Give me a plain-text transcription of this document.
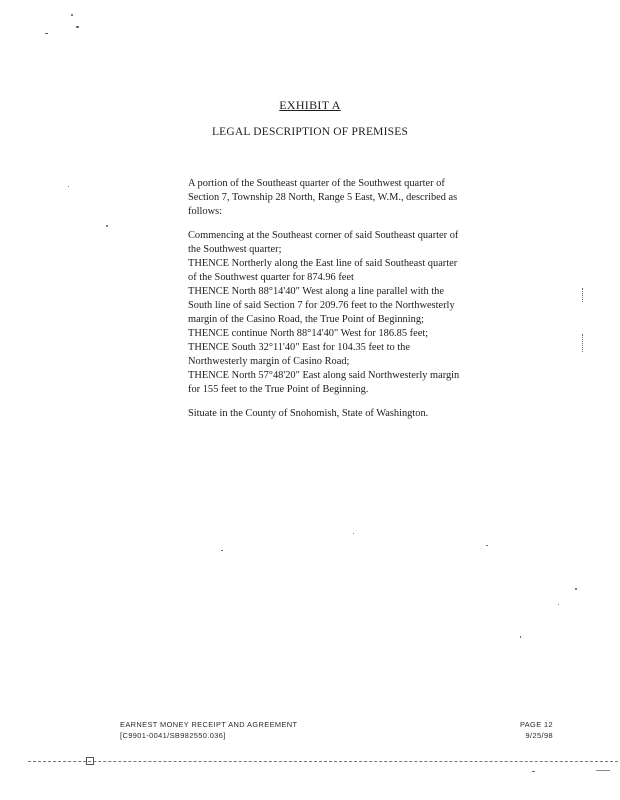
EXHIBIT A
LEGAL DESCRIPTION OF PREMISES

A portion of the Southeast quarter of the Southwest quarter of
Section 7, Township 28 North, Range 5 East, W.M., described as
follows:

Commencing at the Southeast corner of said Southeast quarter of
the Southwest quarter;
THENCE Northerly along the East line of said Southeast quarter
of the Southwest quarter for 874.96 feet
THENCE North 88°14'40" West along a line parallel with the
South line of said Section 7 for 209.76 feet to the Northwesterly
margin of the Casino Road, the True Point of Beginning;
THENCE continue North 88°14'40" West for 186.85 feet;
THENCE South 32°11'40" East for 104.35 feet to the
Northwesterly margin of Casino Road;
THENCE North 57°48'20" East along said Northwesterly margin
for 155 feet to the True Point of Beginning.

Situate in the County of Snohomish, State of Washington.

EARNEST MONEY RECEIPT AND AGREEMENT
[C9901-0041/SB982550.036]
PAGE 12
9/25/98
